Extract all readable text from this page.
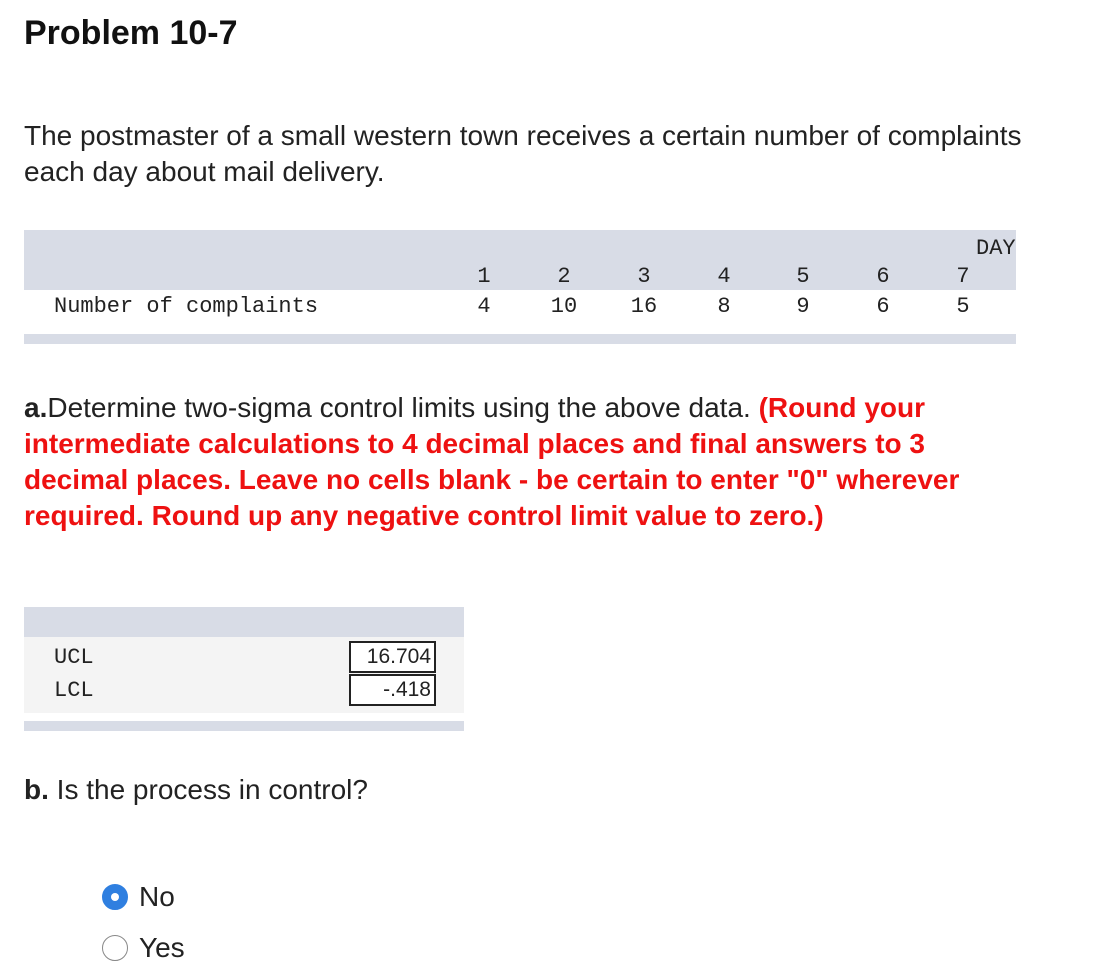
Problem 10-7
The postmaster of a small western town receives a certain number of complaints each day about mail delivery.
DAY
1	2	3	4	5	6	7
Number of complaints	4	10	16	8	9	6	5
a.Determine two-sigma control limits using the above data. (Round your intermediate calculations to 4 decimal places and final answers to 3 decimal places. Leave no cells blank - be certain to enter "0" wherever required. Round up any negative control limit value to zero.)
UCL
16.704
LCL
-.418
b. Is the process in control?
No
Yes
